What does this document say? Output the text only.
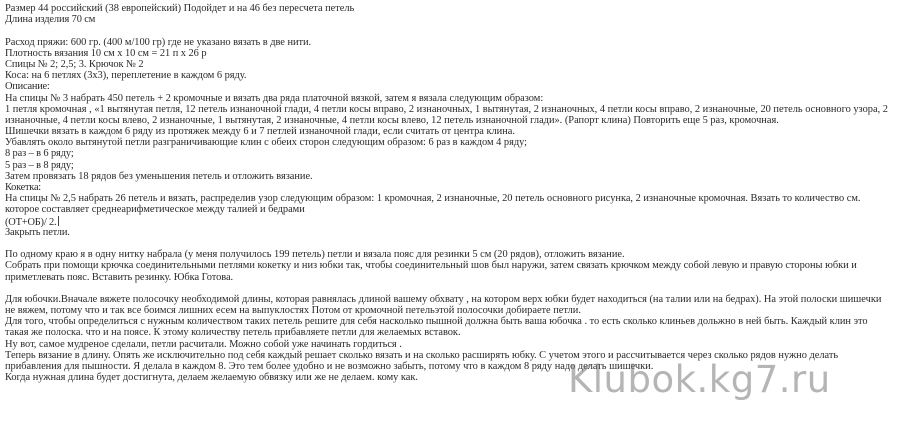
Размер 44 российский (38 европейский) Подойдет и на 46 без пересчета петель
Длина изделия 70 см
Расход пряжи: 600 гр. (400 м/100 гр) где не указано вязать в две нити.
Плотность вязания 10 см х 10 см = 21 п х 26 р
Спицы № 2; 2,5; 3. Крючок № 2
Коса: на 6 петлях (3х3), переплетение в каждом 6 ряду.
Описание:
На спицы № 3 набрать 450 петель + 2 кромочные и вязать два ряда платочной вязкой, затем я вязала следующим образом:
1 петля кромочная , «1 вытянутая петля, 12 петель изнаночной глади, 4 петли косы вправо, 2 изнаночных, 1 вытянутая, 2 изнаночных, 4 петли косы вправо, 2 изнаночные, 20 петель основного узора, 2
изнаночные, 4 петли косы влево, 2 изнаночные, 1 вытянутая, 2 изнаночные, 4 петли косы влево, 12 петель изнаночной глади». (Рапорт клина) Повторить еще 5 раз, кромочная.
Шишечки вязать в каждом 6 ряду из протяжек между 6 и 7 петлей изнаночной глади, если считать от центра клина.
Убавлять около вытянутой петли разграничивающие клин с обеих сторон следующим образом: 6 раз в каждом 4 ряду;
8 раз – в 6 ряду;
5 раз – в 8 ряду;
Затем провязать 18 рядов без уменьшения петель и отложить вязание.
Кокетка:
На спицы № 2,5 набрать 26 петель и вязать, распределив узор следующим образом: 1 кромочная, 2 изнаночные, 20 петель основного рисунка, 2 изнаночные кромочная. Вязать то количество см.
которое составляет среднеарифметическое между талией и бедрами
(ОТ+ОБ)/ 2.
Закрыть петли.
По одному краю я в одну нитку набрала (у меня получилось 199 петель) петли и вязала пояс для резинки 5 см (20 рядов), отложить вязание.
Собрать при помощи крючка соединительными петлями кокетку и низ юбки так, чтобы соединительный шов был наружи, затем связать крючком между собой левую и правую стороны юбки и
приметлевать пояс. Вставить резинку. Юбка Готова.
Для юбочки.Вначале вяжете полосочку необходимой длины, которая равнялась длиной вашему обхвату , на котором верх юбки будет находиться (на талии или на бедрах). На этой полоски шишечки
не вяжем, потому что и так все боимся лишних есем на выпуклостях Потом от кромочной петельэтой полосочки добираете петли.
Для того, чтобы определиться с нужным количеством таких петель решите для себя насколько пышной должна быть ваша юбочка . то есть сколько клиньев дольжно в ней быть. Каждый клин это
такая же полоска. что и на поясе. К этому количеству петель прибавляете петли для желаемых вставок.
Ну вот, самое мудреное сделали, петли расчитали. Можно собой уже начинать гордиться .
Теперь вязание в длину. Опять же исключительно под себя каждый решает сколько вязать и на сколько расширять юбку. С учетом этого и рассчитывается через сколько рядов нужно делать
прибавления для пышности. Я делала в каждом 8. Это тем более удобно и не возможно забыть, потому что в каждом 8 ряду надо делать шишечки.
Когда нужная длина будет достигнута, делаем желаемую обвязку или же не делаем. кому как.	Klubok.kg7.ru
